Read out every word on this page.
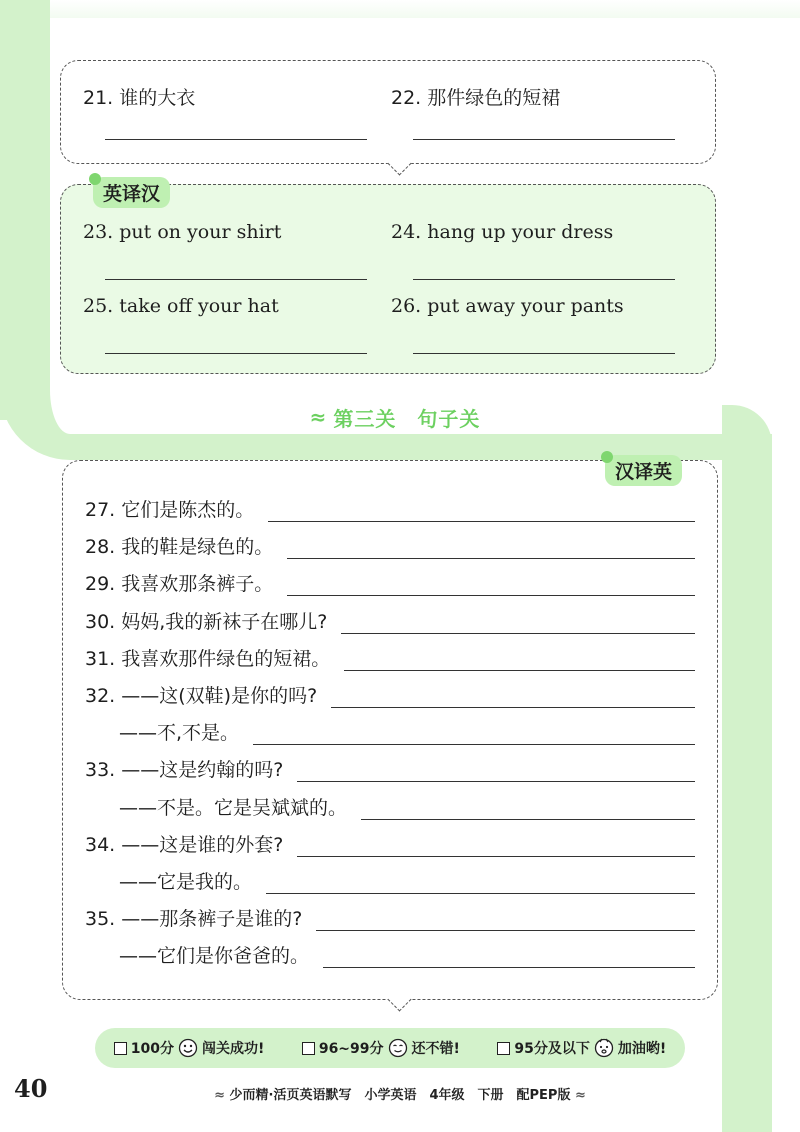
21. 谁的大衣	22. 那件绿色的短裙
英译汉
23. put on your shirt	24. hang up your dress
25. take off your hat	26. put away your pants
≈ 第三关　句子关
汉译英
27. 它们是陈杰的。
28. 我的鞋是绿色的。
29. 我喜欢那条裤子。
30. 妈妈,我的新袜子在哪儿?
31. 我喜欢那件绿色的短裙。
32. ——这(双鞋)是你的吗?
——不,不是。
33. ——这是约翰的吗?
——不是。它是吴斌斌的。
34. ——这是谁的外套?
——它是我的。
35. ——那条裤子是谁的?
——它们是你爸爸的。
100分 闯关成功!	96~99分 还不错!	95分及以下 加油哟!
40	≈ 少而精·活页英语默写　小学英语　4年级　下册　配PEP版 ≈
